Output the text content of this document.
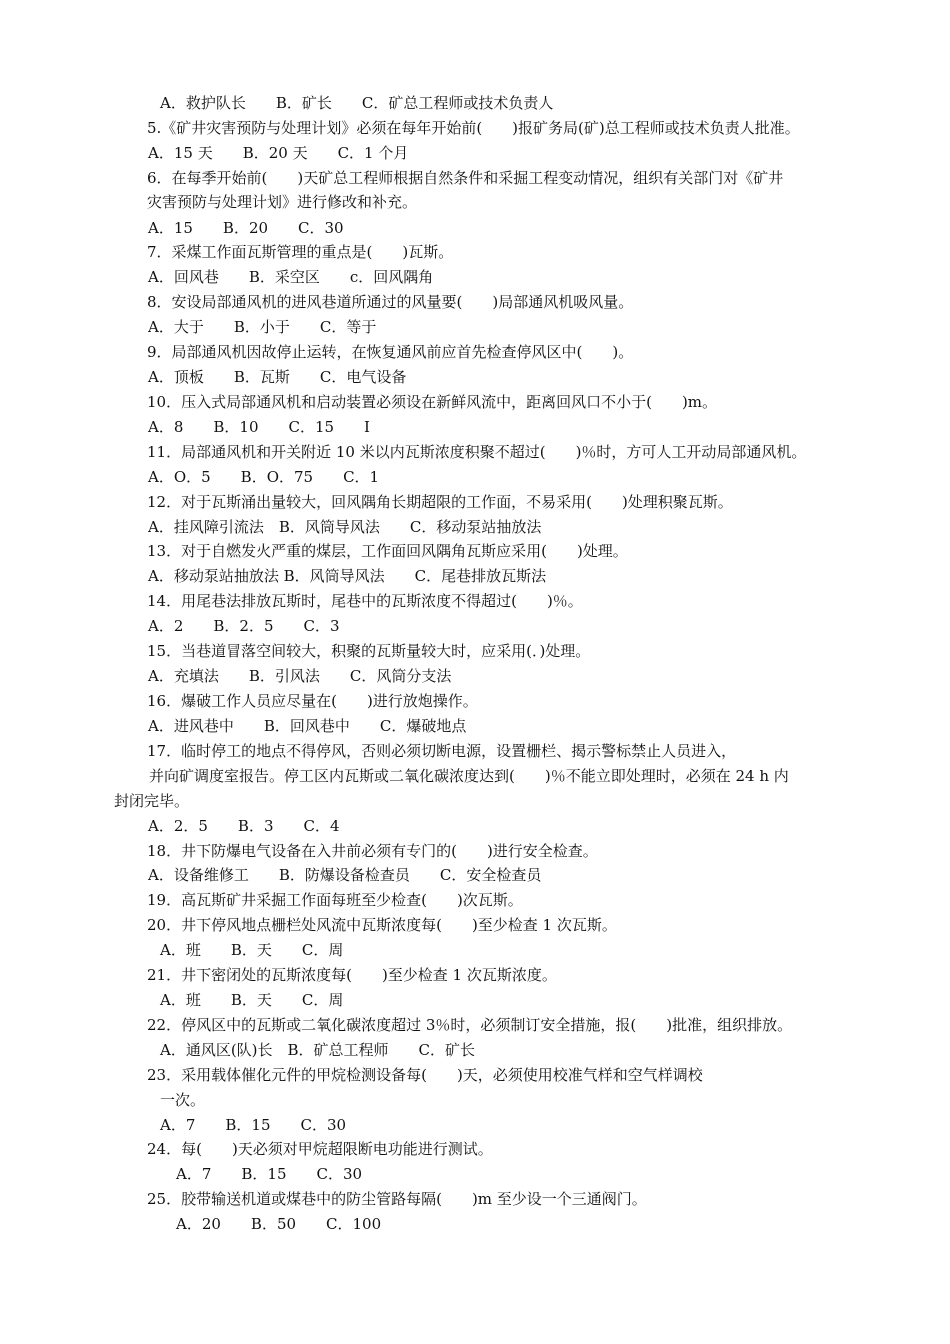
A．救护队长　　B．矿长　　C．矿总工程师或技术负责人
5.《矿井灾害预防与处理计划》必须在每年开始前(　　)报矿务局(矿)总工程师或技术负责人批准。
A．15 天　　B．20 天　　C．1 个月
6．在每季开始前(　　)天矿总工程师根据自然条件和采掘工程变动情况，组织有关部门对《矿井
灾害预防与处理计划》进行修改和补充。
A．15　　B．20　　C．30
7．采煤工作面瓦斯管理的重点是(　　)瓦斯。
A．回风巷　　B．采空区　　c．回风隅角
8．安设局部通风机的进风巷道所通过的风量要(　　)局部通风机吸风量。
A．大于　　B．小于　　C．等于
9．局部通风机因故停止运转，在恢复通风前应首先检查停风区中(　　)。
A．顶板　　B．瓦斯　　C．电气设备
10．压入式局部通风机和启动装置必须设在新鲜风流中，距离回风口不小于(　　)m。
A．8　　B．10　　C．15　　I
11．局部通风机和开关附近 10 米以内瓦斯浓度积聚不超过(　　)％时，方可人工开动局部通风机。
A．O．5　　B．O．75　　C．1
12．对于瓦斯涌出量较大，回风隅角长期超限的工作面，不易采用(　　)处理积聚瓦斯。
A．挂风障引流法　B．风筒导风法　　C．移动泵站抽放法
13．对于自燃发火严重的煤层，工作面回风隅角瓦斯应采用(　　)处理。
A．移动泵站抽放法 B．风筒导风法　　C．尾巷排放瓦斯法
14．用尾巷法排放瓦斯时，尾巷中的瓦斯浓度不得超过(　　)％。
A．2　　B．2．5　　C．3
15．当巷道冒落空间较大，积聚的瓦斯量较大时，应采用(．)处理。
A．充填法　　B．引风法　　C．风筒分支法
16．爆破工作人员应尽量在(　　)进行放炮操作。
A．进风巷中　　B．回风巷中　　C．爆破地点
17．临时停工的地点不得停风，否则必须切断电源，设置栅栏、揭示警标禁止人员进入，
并向矿调度室报告。停工区内瓦斯或二氧化碳浓度达到(　　)％不能立即处理时，必须在 24 h 内
封闭完毕。
A．2．5　　B．3　　C．4
18．井下防爆电气设备在入井前必须有专门的(　　)进行安全检查。
A．设备维修工　　B．防爆设备检查员　　C．安全检查员
19．高瓦斯矿井采掘工作面每班至少检查(　　)次瓦斯。
20．井下停风地点栅栏处风流中瓦斯浓度每(　　)至少检查 1 次瓦斯。
A．班　　B．天　　C．周
21．井下密闭处的瓦斯浓度每(　　)至少检查 1 次瓦斯浓度。
A．班　　B．天　　C．周
22．停风区中的瓦斯或二氧化碳浓度超过 3％时，必须制订安全措施，报(　　)批准，组织排放。
A．通风区(队)长　B．矿总工程师　　C．矿长
23．采用载体催化元件的甲烷检测设备每(　　)天，必须使用校准气样和空气样调校
一次。
A．7　　B．15　　C．30
24．每(　　)天必须对甲烷超限断电功能进行测试。
A．7　　B．15　　C．30
25．胶带输送机道或煤巷中的防尘管路每隔(　　)m 至少设一个三通阀门。
A．20　　B．50　　C．100
